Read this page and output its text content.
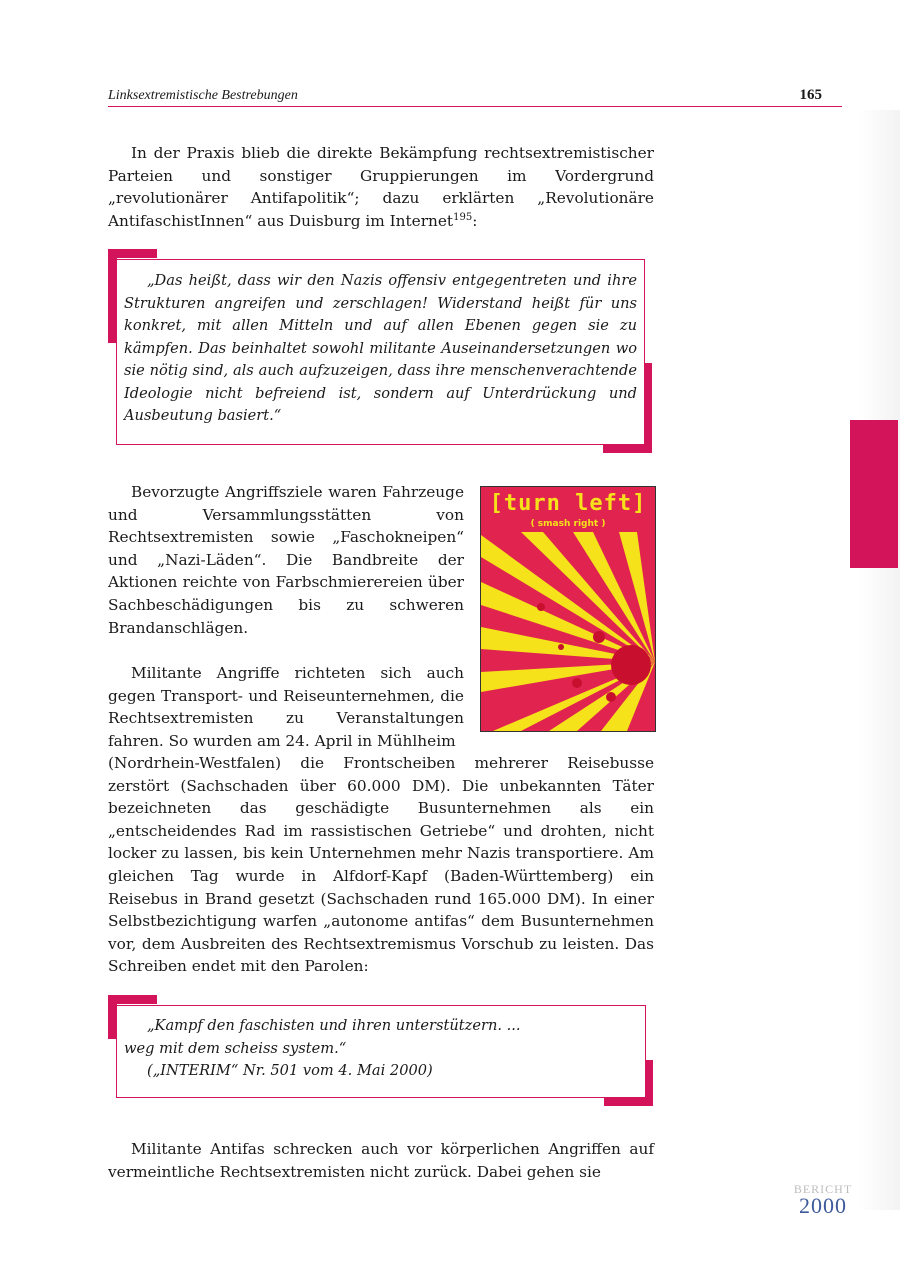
Linksextremistische Bestrebungen	165

In der Praxis blieb die direkte Bekämpfung rechtsextremistischer Parteien und sonstiger Gruppierungen im Vordergrund „revolutionärer Antifapolitik“; dazu erklärten „Revolutionäre AntifaschistInnen“ aus Duisburg im Internet$^{195}$:

„Das heißt, dass wir den Nazis offensiv entgegentreten und ihre Strukturen angreifen und zerschlagen! Widerstand heißt für uns konkret, mit allen Mitteln und auf allen Ebenen gegen sie zu kämpfen. Das beinhaltet sowohl militante Auseinandersetzungen wo sie nötig sind, als auch aufzuzeigen, dass ihre menschenverachtende Ideologie nicht befreiend ist, sondern auf Unterdrückung und Ausbeutung basiert.“

Bevorzugte Angriffsziele waren Fahrzeuge und Versammlungsstätten von Rechtsextremisten sowie „Faschokneipen“ und „Nazi-Läden“. Die Bandbreite der Aktionen reichte von Farbschmierereien über Sachbeschädigungen bis zu schweren Brandanschlägen.

[turn left]
( smash right )

Militante Angriffe richteten sich auch gegen Transport- und Reiseunternehmen, die Rechtsextremisten zu Veranstaltungen fahren. So wurden am 24. April in Mühlheim

(Nordrhein-Westfalen) die Frontscheiben mehrerer Reisebusse zerstört (Sachschaden über 60.000 DM). Die unbekannten Täter bezeichneten das geschädigte Busunternehmen als ein „entscheidendes Rad im rassistischen Getriebe“ und drohten, nicht locker zu lassen, bis kein Unternehmen mehr Nazis transportiere. Am gleichen Tag wurde in Alfdorf-Kapf (Baden-Württemberg) ein Reisebus in Brand gesetzt (Sachschaden rund 165.000 DM). In einer Selbstbezichtigung warfen „autonome antifas“ dem Busunternehmen vor, dem Ausbreiten des Rechtsextremismus Vorschub zu leisten. Das Schreiben endet mit den Parolen:

„Kampf den faschisten und ihren unterstützern. ...
weg mit dem scheiss system.“
(„INTERIM“ Nr. 501 vom 4. Mai 2000)

Militante Antifas schrecken auch vor körperlichen Angriffen auf vermeintliche Rechtsextremisten nicht zurück. Dabei gehen sie

BERICHT
2000
